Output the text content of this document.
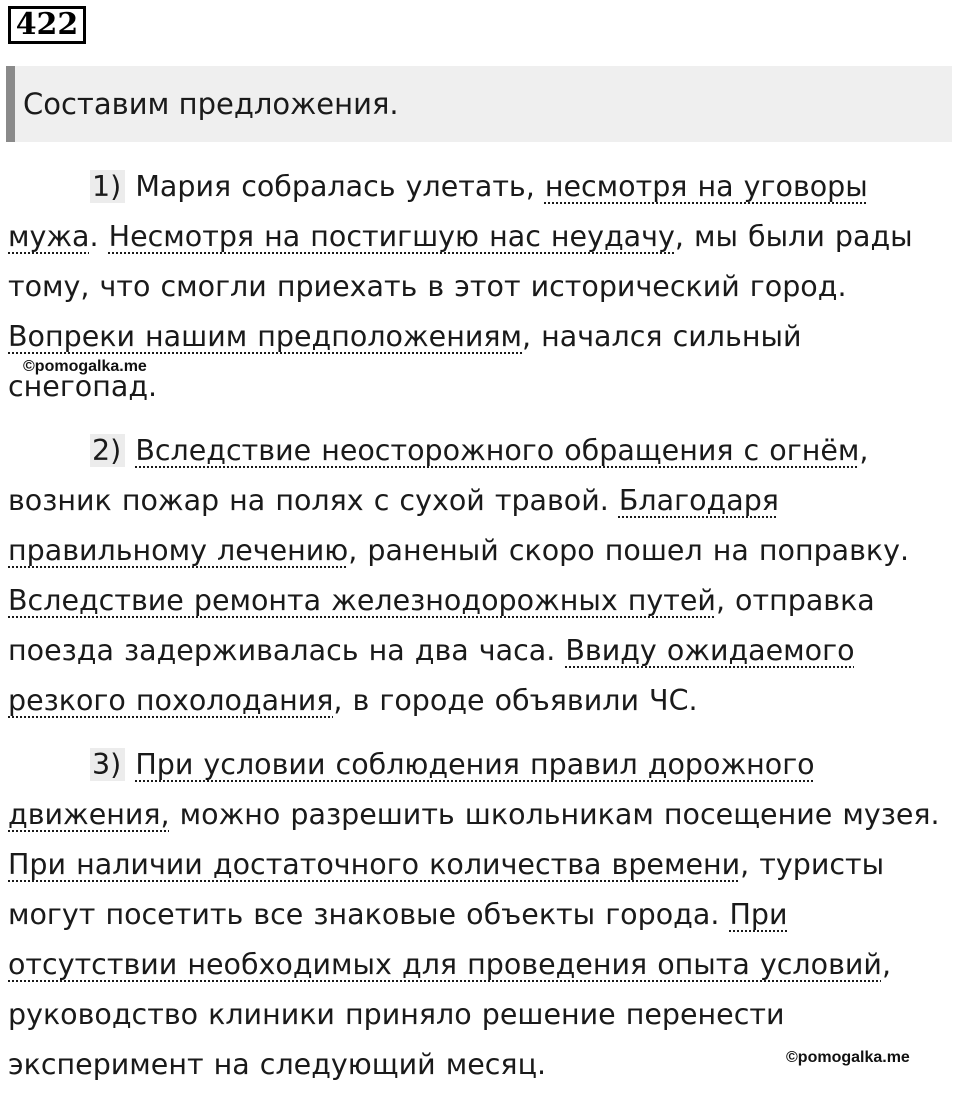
422
Составим предложения.

1) Мария собралась улетать, несмотря на уговоры мужа. Несмотря на постигшую нас неудачу, мы были рады тому, что смогли приехать в этот исторический город. Вопреки нашим предположениям, начался сильный снегопад.

2) Вследствие неосторожного обращения с огнём, возник пожар на полях с сухой травой. Благодаря правильному лечению, раненый скоро пошел на поправку. Вследствие ремонта железнодорожных путей, отправка поезда задерживалась на два часа. Ввиду ожидаемого резкого похолодания, в городе объявили ЧС.

3) При условии соблюдения правил дорожного движения, можно разрешить школьникам посещение музея. При наличии достаточного количества времени, туристы могут посетить все знаковые объекты города. При отсутствии необходимых для проведения опыта условий, руководство клиники приняло решение перенести эксперимент на следующий месяц.

©pomogalka.me
©pomogalka.me
